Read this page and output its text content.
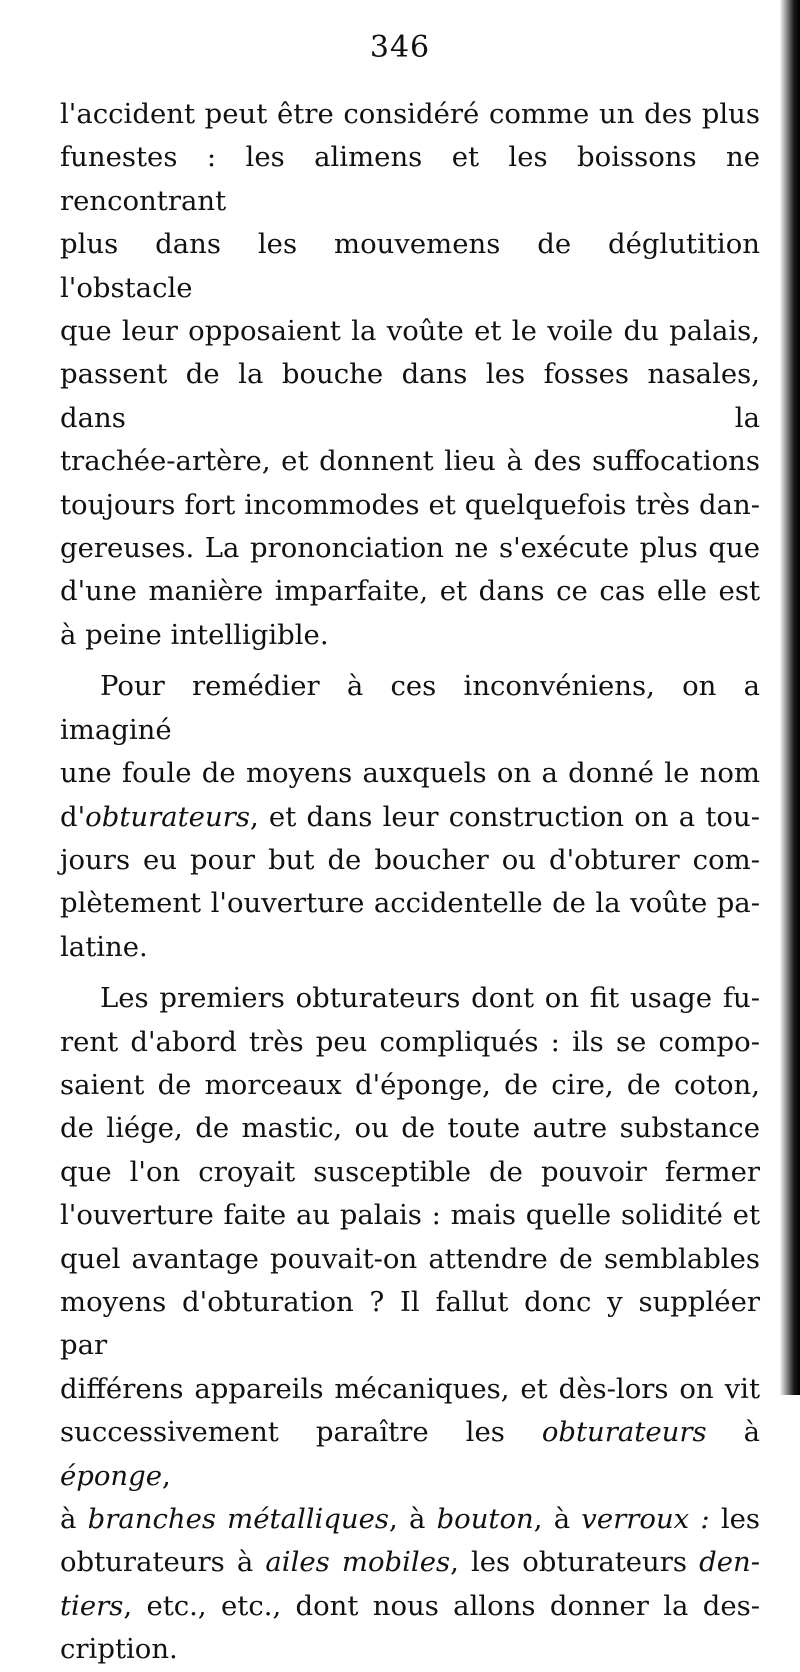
346

l'accident peut être considéré comme un des plus

funestes : les alimens et les boissons ne rencontrant

plus dans les mouvemens de déglutition l'obstacle

que leur opposaient la voûte et le voile du palais,

passent de la bouche dans les fosses nasales, dans la

trachée-artère, et donnent lieu à des suffocations

toujours fort incommodes et quelquefois très dan-

gereuses. La prononciation ne s'exécute plus que

d'une manière imparfaite, et dans ce cas elle est

à peine intelligible.

Pour remédier à ces inconvéniens, on a imaginé

une foule de moyens auxquels on a donné le nom

d'obturateurs, et dans leur construction on a tou-

jours eu pour but de boucher ou d'obturer com-

plètement l'ouverture accidentelle de la voûte pa-

latine.

Les premiers obturateurs dont on fit usage fu-

rent d'abord très peu compliqués : ils se compo-

saient de morceaux d'éponge, de cire, de coton,

de liége, de mastic, ou de toute autre substance

que l'on croyait susceptible de pouvoir fermer

l'ouverture faite au palais : mais quelle solidité et

quel avantage pouvait-on attendre de semblables

moyens d'obturation ? Il fallut donc y suppléer par

différens appareils mécaniques, et dès-lors on vit

successivement paraître les obturateurs à éponge,

à branches métalliques, à bouton, à verroux : les

obturateurs à ailes mobiles, les obturateurs den-

tiers, etc., etc., dont nous allons donner la des-

cription.
